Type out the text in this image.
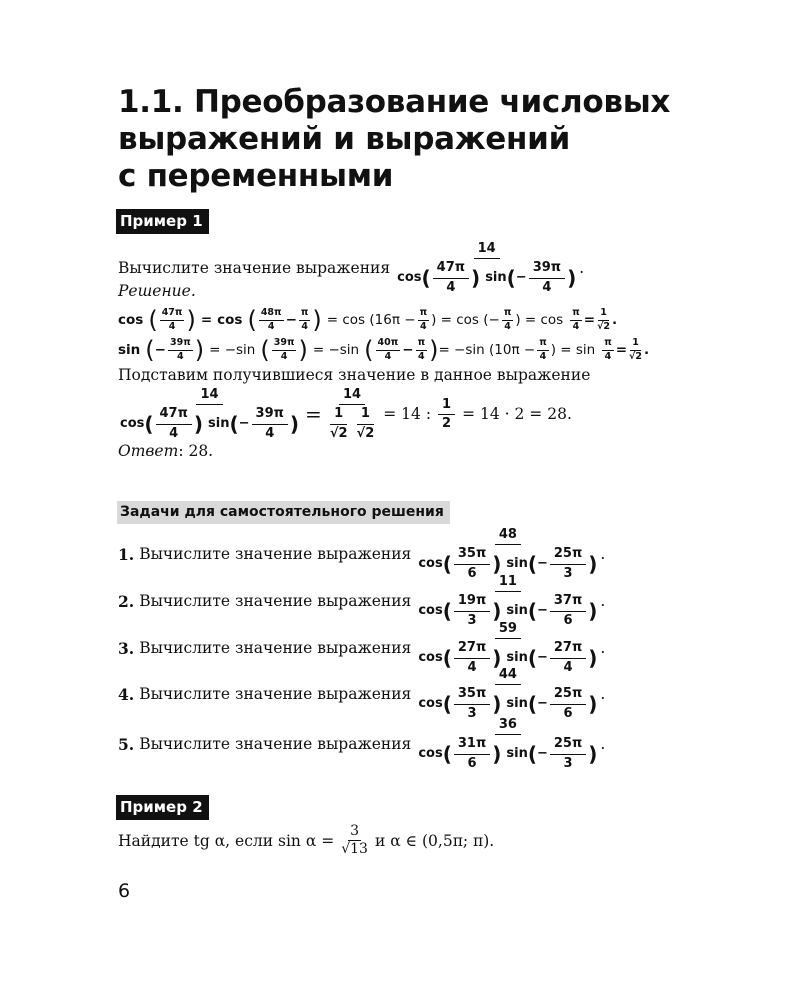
1.1. Преобразование числовых
выражений и выражений
с переменными
Пример 1
Вычислите значение выражения $\frac{14}{\cos ( \frac{47\pi}{4} ) \sin ( - \frac{39\pi}{4} )}$ .
Решение.
cos ( $\frac{47\pi}{4}$ ) = cos ( $\frac{48\pi}{4} - \frac{\pi}{4}$ ) = $\cos (16\pi - \frac{\pi}{4}$ ) = cos (− $\frac{\pi}{4}$ ) = $\cos \frac{\pi}{4} = \frac{1}{√2}$ .
sin ( − $\frac{39\pi}{4}$ ) = −sin ( $\frac{39\pi}{4}$ ) = −sin ( $\frac{40\pi}{4} - \frac{\pi}{4}$ ) = −sin ($10\pi - \frac{\pi}{4}$ ) = $\sin \frac{\pi}{4} = \frac{1}{√2}$ .
Подставим получившиеся значение в данное выражение
$\frac{14}{\cos ( \frac{47\pi}{4} ) \sin ( - \frac{39\pi}{4} )} = \frac{14}{\frac{1}{√2} \frac{1}{√2}} = 14$ : $\frac{1}{2} = 14 \cdot 2 = 28$.
Ответ : 28.
Задачи для самостоятельного решения
1. Вычислите значение выражения $\frac{48}{\cos ( \frac{35\pi}{6} ) \sin ( - \frac{25\pi}{3} )}$ .
2. Вычислите значение выражения $\frac{11}{\cos ( \frac{19\pi}{3} ) \sin ( - \frac{37\pi}{6} )}$ .
3. Вычислите значение выражения $\frac{59}{\cos ( \frac{27\pi}{4} ) \sin ( - \frac{27\pi}{4} )}$ .
4. Вычислите значение выражения $\frac{44}{\cos ( \frac{35\pi}{3} ) \sin ( - \frac{25\pi}{6} )}$ .
5. Вычислите значение выражения $\frac{36}{\cos ( \frac{31\pi}{6} ) \sin ( - \frac{25\pi}{3} )}$ .
Пример 2
Найдите tg α, если $\sin \alpha = \frac{3}{√13}$ и α ∈ (0,5π; π).
6
